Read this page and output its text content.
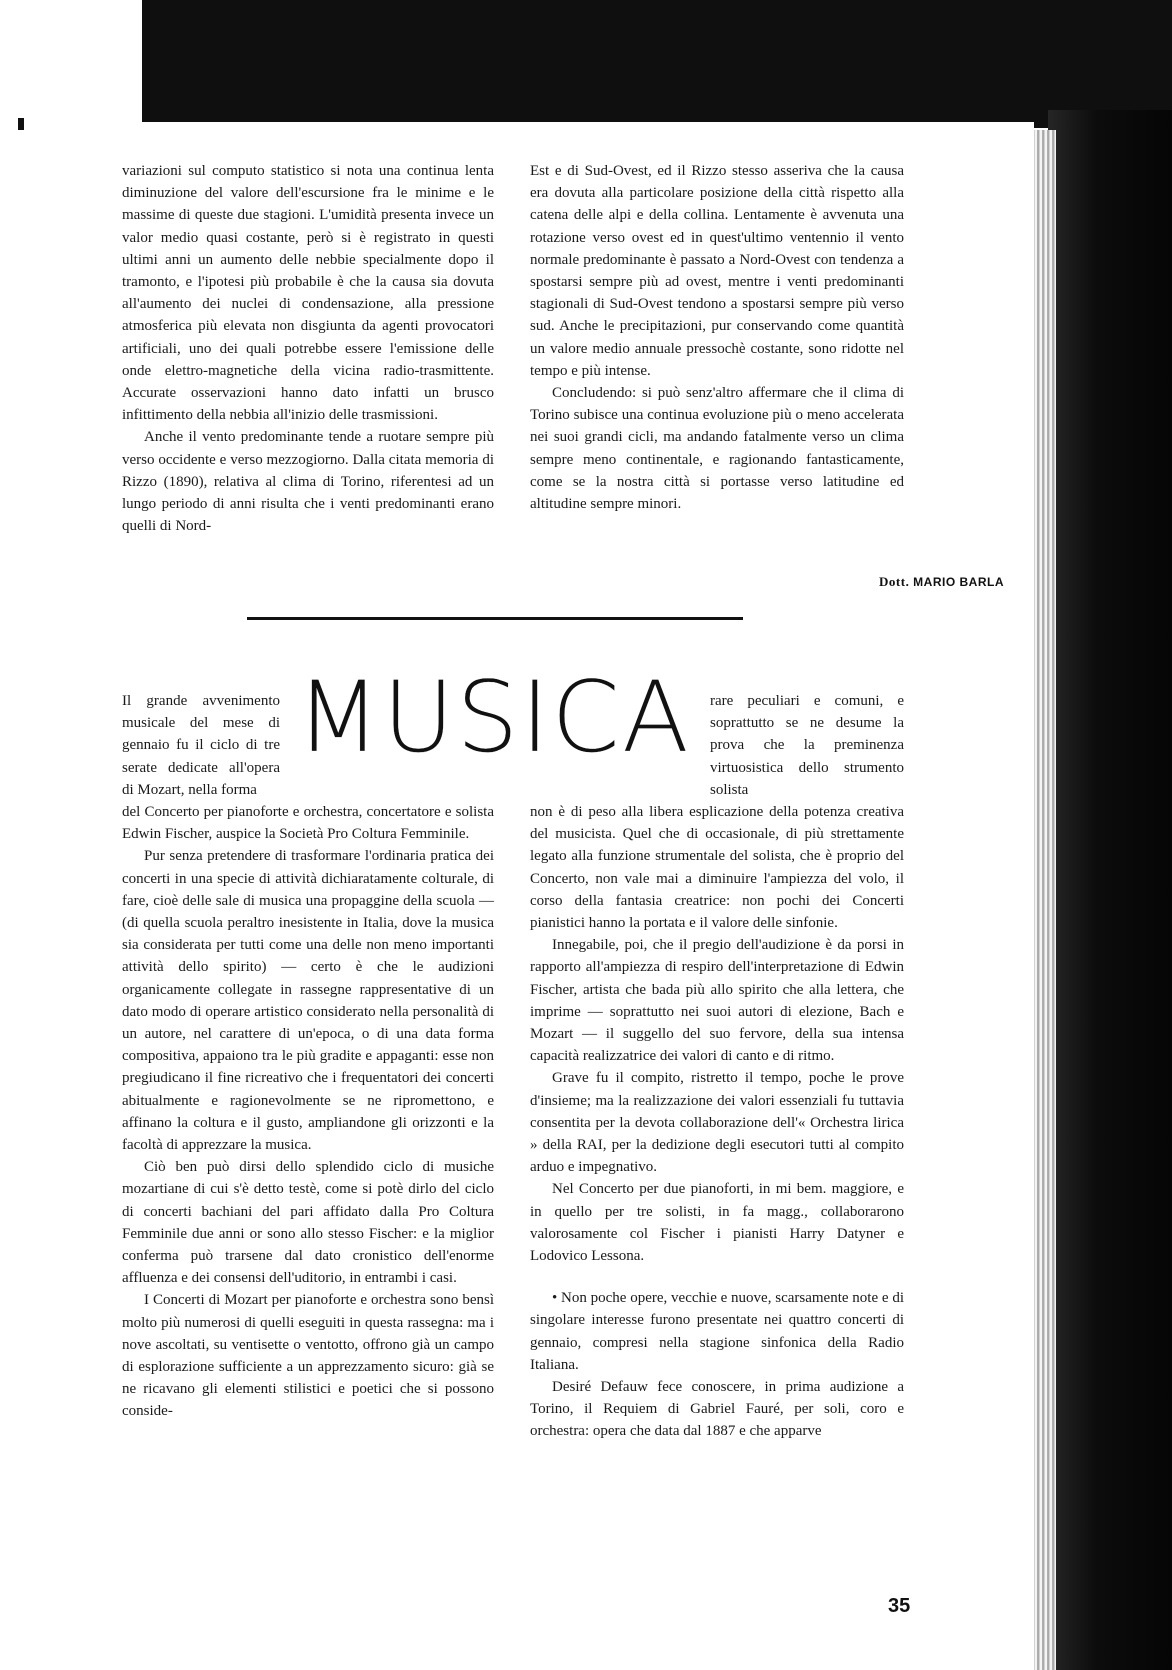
variazioni sul computo statistico si nota una continua lenta diminuzione del valore dell'escursione fra le minime e le massime di queste due stagioni. L'umidità presenta invece un valor medio quasi costante, però si è registrato in questi ultimi anni un aumento delle nebbie specialmente dopo il tramonto, e l'ipotesi più probabile è che la causa sia dovuta all'aumento dei nuclei di condensazione, alla pressione atmosferica più elevata non disgiunta da agenti provocatori artificiali, uno dei quali potrebbe essere l'emissione delle onde elettro-magnetiche della vicina radio-trasmittente. Accurate osservazioni hanno dato infatti un brusco infittimento della nebbia all'inizio delle trasmissioni.

Anche il vento predominante tende a ruotare sempre più verso occidente e verso mezzogiorno. Dalla citata memoria di Rizzo (1890), relativa al clima di Torino, riferentesi ad un lungo periodo di anni risulta che i venti predominanti erano quelli di Nord-

Est e di Sud-Ovest, ed il Rizzo stesso asseriva che la causa era dovuta alla particolare posizione della città rispetto alla catena delle alpi e della collina. Lentamente è avvenuta una rotazione verso ovest ed in quest'ultimo ventennio il vento normale predominante è passato a Nord-Ovest con tendenza a spostarsi sempre più ad ovest, mentre i venti predominanti stagionali di Sud-Ovest tendono a spostarsi sempre più verso sud. Anche le precipitazioni, pur conservando come quantità un valore medio annuale pressochè costante, sono ridotte nel tempo e più intense.

Concludendo: si può senz'altro affermare che il clima di Torino subisce una continua evoluzione più o meno accelerata nei suoi grandi cicli, ma andando fatalmente verso un clima sempre meno continentale, e ragionando fantasticamente, come se la nostra città si portasse verso latitudine ed altitudine sempre minori.

Dott. MARIO BARLA
MUSICA

Il grande avvenimento musicale del mese di gennaio fu il ciclo di tre serate dedicate all'opera di Mozart, nella forma

rare peculiari e comuni, e soprattutto se ne desume la prova che la preminenza virtuosistica dello strumento solista

del Concerto per pianoforte e orchestra, concertatore e solista Edwin Fischer, auspice la Società Pro Coltura Femminile.

Pur senza pretendere di trasformare l'ordinaria pratica dei concerti in una specie di attività dichiaratamente colturale, di fare, cioè delle sale di musica una propaggine della scuola — (di quella scuola peraltro inesistente in Italia, dove la musica sia considerata per tutti come una delle non meno importanti attività dello spirito) — certo è che le audizioni organicamente collegate in rassegne rappresentative di un dato modo di operare artistico considerato nella personalità di un autore, nel carattere di un'epoca, o di una data forma compositiva, appaiono tra le più gradite e appaganti: esse non pregiudicano il fine ricreativo che i frequentatori dei concerti abitualmente e ragionevolmente se ne ripromettono, e affinano la coltura e il gusto, ampliandone gli orizzonti e la facoltà di apprezzare la musica.

Ciò ben può dirsi dello splendido ciclo di musiche mozartiane di cui s'è detto testè, come si potè dirlo del ciclo di concerti bachiani del pari affidato dalla Pro Coltura Femminile due anni or sono allo stesso Fischer: e la miglior conferma può trarsene dal dato cronistico dell'enorme affluenza e dei consensi dell'uditorio, in entrambi i casi.

I Concerti di Mozart per pianoforte e orchestra sono bensì molto più numerosi di quelli eseguiti in questa rassegna: ma i nove ascoltati, su ventisette o ventotto, offrono già un campo di esplorazione sufficiente a un apprezzamento sicuro: già se ne ricavano gli elementi stilistici e poetici che si possono conside-

non è di peso alla libera esplicazione della potenza creativa del musicista. Quel che di occasionale, di più strettamente legato alla funzione strumentale del solista, che è proprio del Concerto, non vale mai a diminuire l'ampiezza del volo, il corso della fantasia creatrice: non pochi dei Concerti pianistici hanno la portata e il valore delle sinfonie.

Innegabile, poi, che il pregio dell'audizione è da porsi in rapporto all'ampiezza di respiro dell'interpretazione di Edwin Fischer, artista che bada più allo spirito che alla lettera, che imprime — soprattutto nei suoi autori di elezione, Bach e Mozart — il suggello del suo fervore, della sua intensa capacità realizzatrice dei valori di canto e di ritmo.

Grave fu il compito, ristretto il tempo, poche le prove d'insieme; ma la realizzazione dei valori essenziali fu tuttavia consentita per la devota collaborazione dell'« Orchestra lirica » della RAI, per la dedizione degli esecutori tutti al compito arduo e impegnativo.

Nel Concerto per due pianoforti, in mi bem. maggiore, e in quello per tre solisti, in fa magg., collaborarono valorosamente col Fischer i pianisti Harry Datyner e Lodovico Lessona.

• Non poche opere, vecchie e nuove, scarsamente note e di singolare interesse furono presentate nei quattro concerti di gennaio, compresi nella stagione sinfonica della Radio Italiana.

Desiré Defauw fece conoscere, in prima audizione a Torino, il Requiem di Gabriel Fauré, per soli, coro e orchestra: opera che data dal 1887 e che apparve

35
